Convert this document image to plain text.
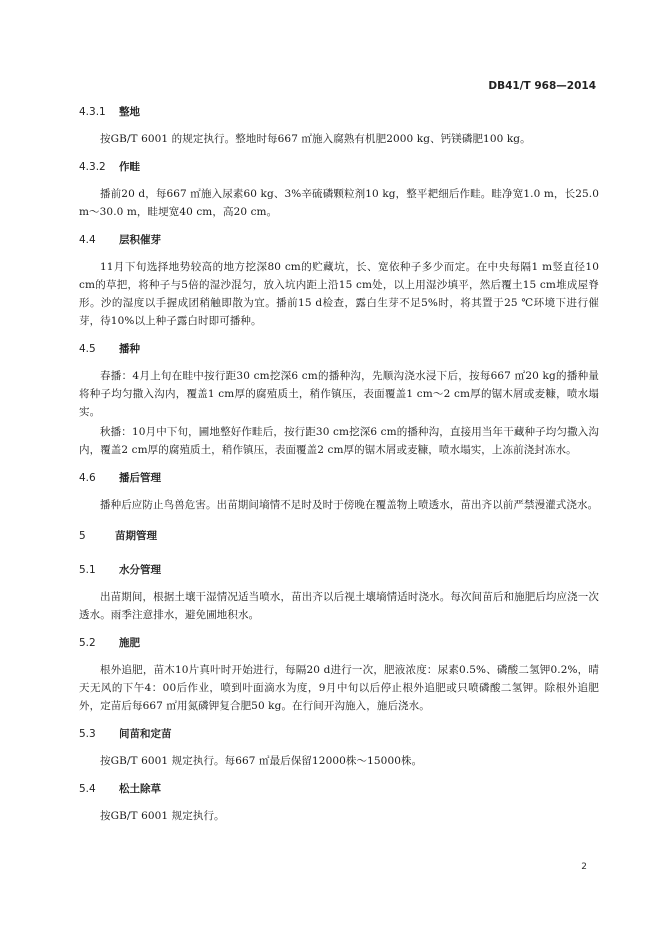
DB41/T 968—2014
4.3.1 整地

按GB/T 6001 的规定执行。整地时每667 ㎡施入腐熟有机肥2000 kg、钙镁磷肥100 kg。

4.3.2 作畦

播前20 d，每667 ㎡施入尿素60 kg、3%辛硫磷颗粒剂10 kg，整平耙细后作畦。畦净宽1.0 m，长25.0 m～30.0 m，畦埂宽40 cm，高20 cm。

4.4 层积催芽

11月下旬选择地势较高的地方挖深80 cm的贮藏坑，长、宽依种子多少而定。在中央每隔1 m竖直径10 cm的草把，将种子与5倍的湿沙混匀，放入坑内距上沿15 cm处，以上用湿沙填平，然后覆土15 cm堆成屋脊形。沙的湿度以手握成团稍触即散为宜。播前15 d检查，露白生芽不足5%时，将其置于25 ℃环境下进行催芽，待10%以上种子露白时即可播种。

4.5 播种

春播：4月上旬在畦中按行距30 cm挖深6 cm的播种沟，先顺沟浇水浸下后，按每667 ㎡20 kg的播种量将种子均匀撒入沟内，覆盖1 cm厚的腐殖质土，稍作镇压，表面覆盖1 cm～2 cm厚的锯木屑或麦糠，喷水塌实。

秋播：10月中下旬，圃地整好作畦后，按行距30 cm挖深6 cm的播种沟，直接用当年干藏种子均匀撒入沟内，覆盖2 cm厚的腐殖质土，稍作镇压，表面覆盖2 cm厚的锯木屑或麦糠，喷水塌实，上冻前浇封冻水。

4.6 播后管理

播种后应防止鸟兽危害。出苗期间墒情不足时及时于傍晚在覆盖物上喷透水，苗出齐以前严禁漫灌式浇水。

5	苗期管理
5.1 水分管理

出苗期间，根据土壤干湿情况适当喷水，苗出齐以后视土壤墒情适时浇水。每次间苗后和施肥后均应浇一次透水。雨季注意排水，避免圃地积水。

5.2 施肥

根外追肥，苗木10片真叶时开始进行，每隔20 d进行一次，肥液浓度：尿素0.5%、磷酸二氢钾0.2%，晴天无风的下午4：00后作业，喷到叶面滴水为度，9月中旬以后停止根外追肥或只喷磷酸二氢钾。除根外追肥外，定苗后每667 ㎡用氮磷钾复合肥50 kg。在行间开沟施入，施后浇水。

5.3 间苗和定苗

按GB/T 6001 规定执行。每667 ㎡最后保留12000株～15000株。

5.4 松土除草

按GB/T 6001 规定执行。

2
